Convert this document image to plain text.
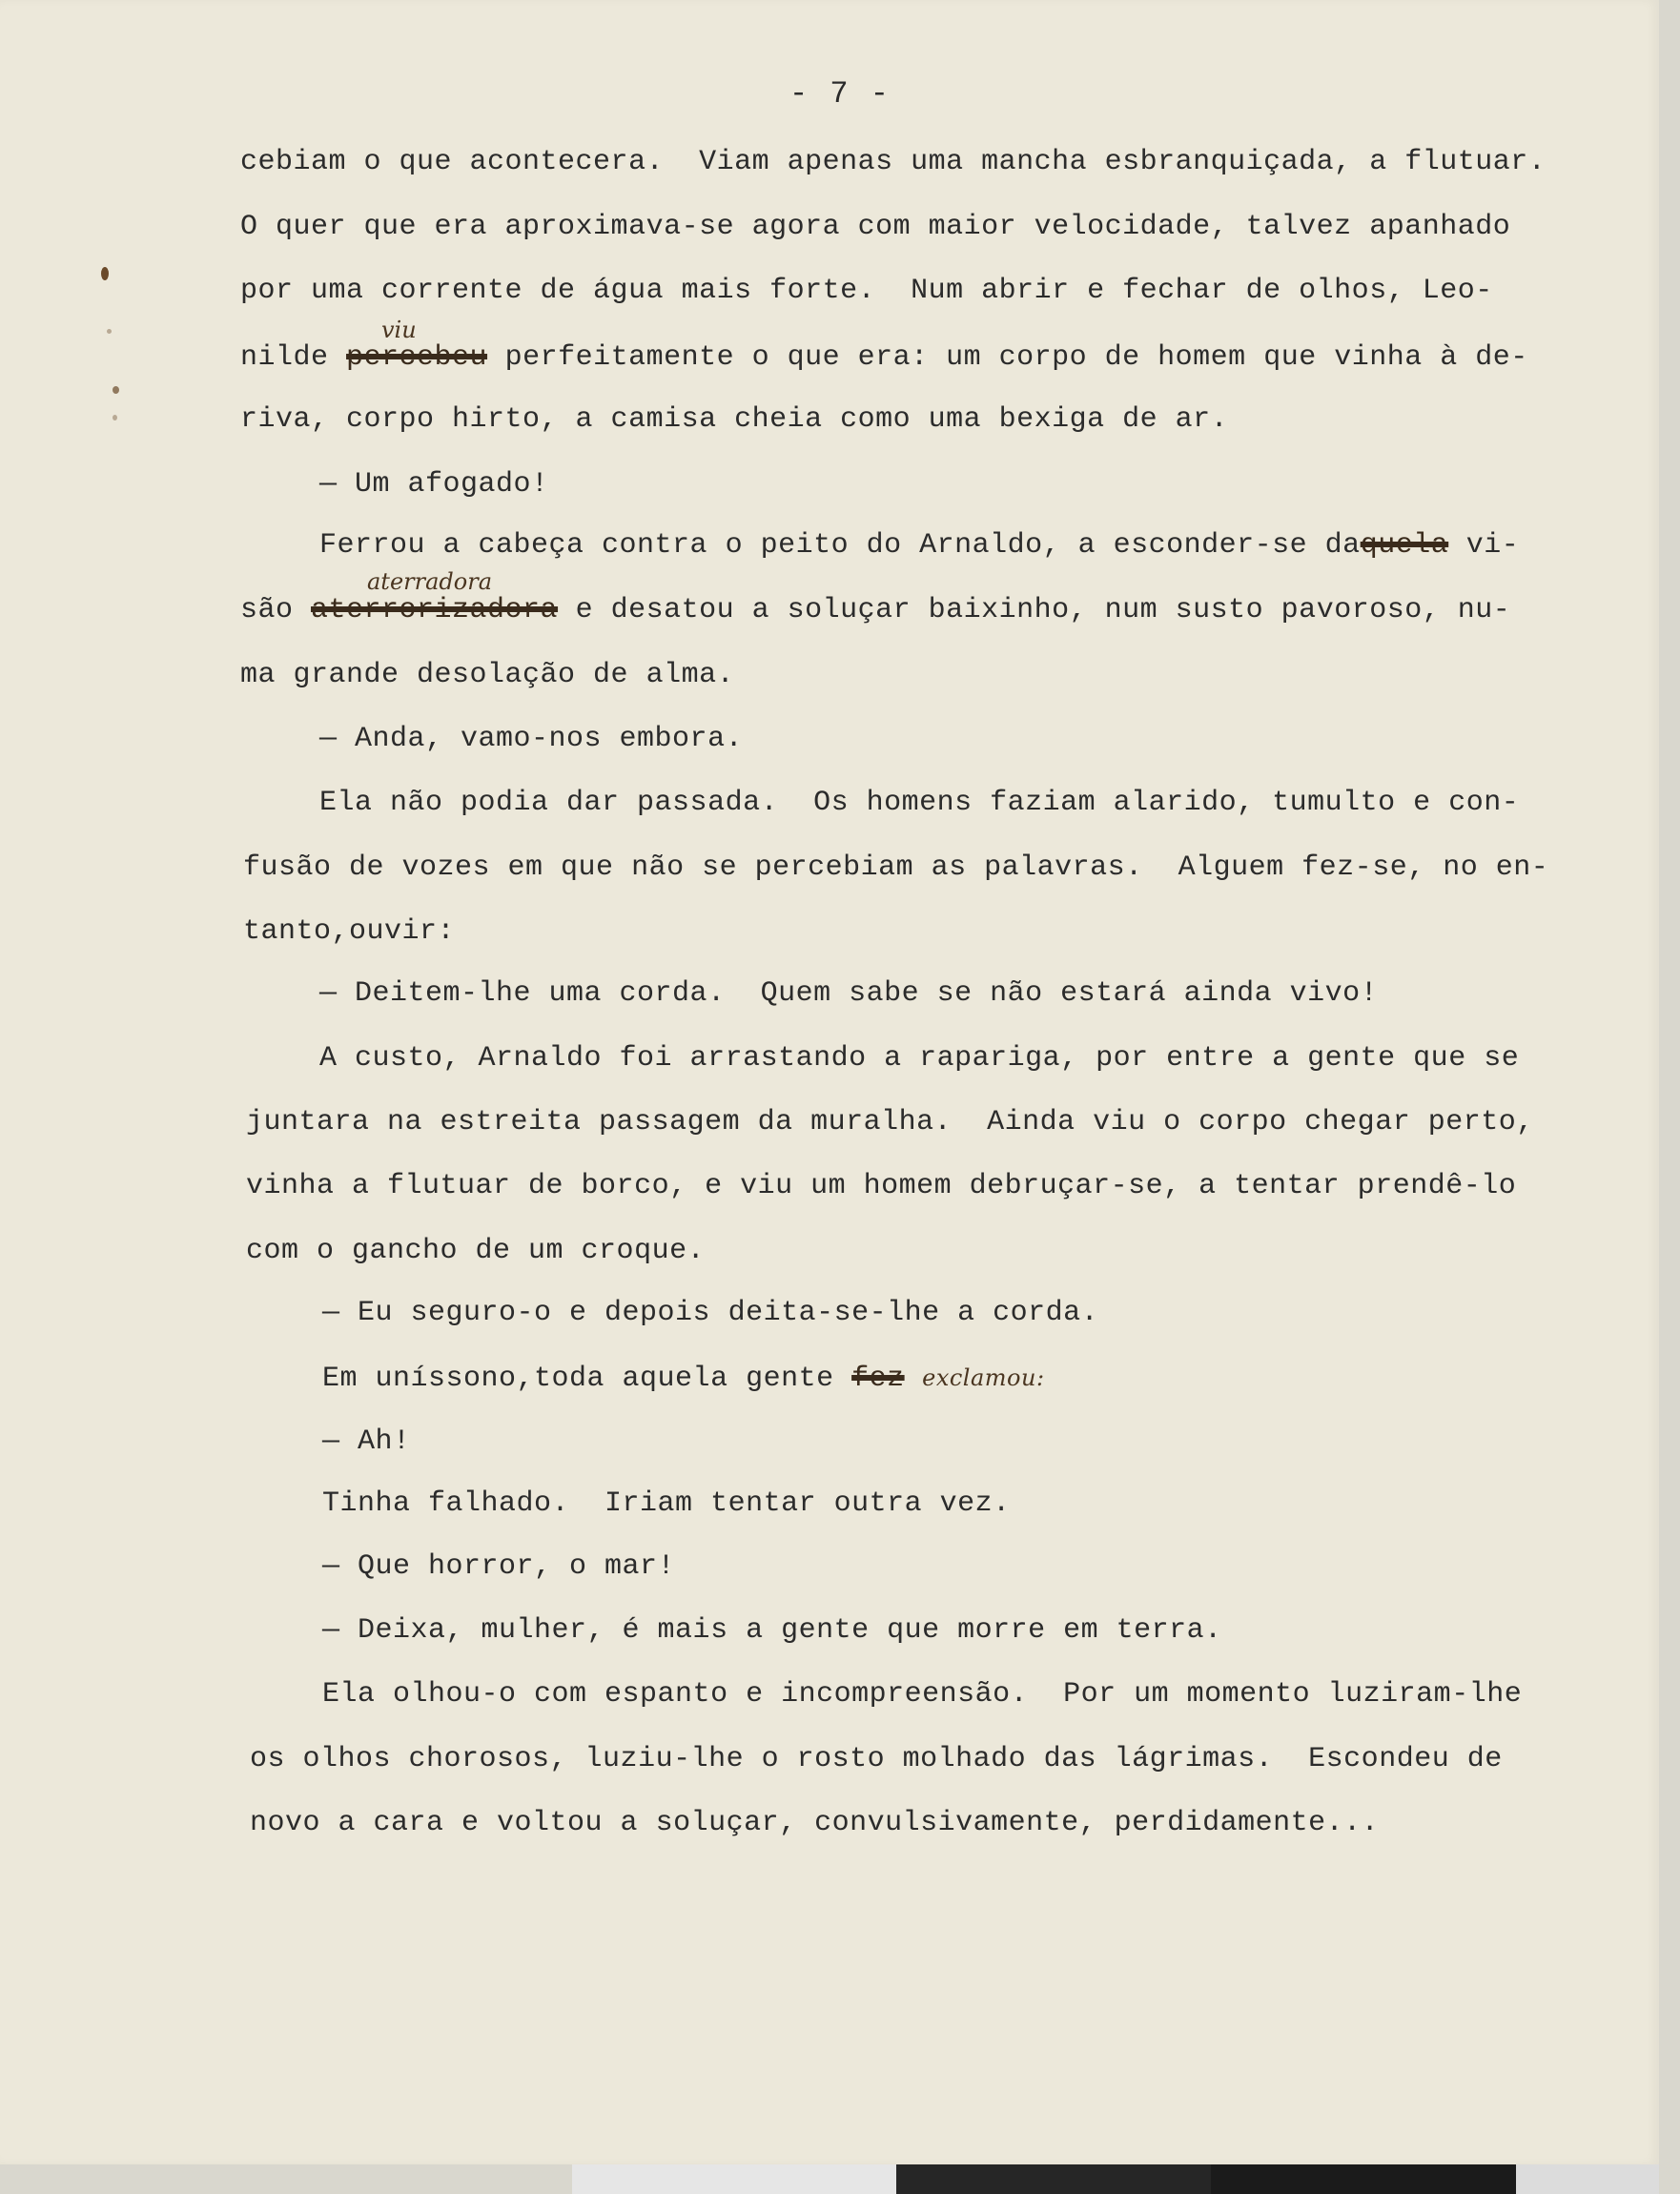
- 7 -
cebiam o que acontecera.  Viam apenas uma mancha esbranquiçada, a flutuar.
O quer que era aproximava-se agora com maior velocidade, talvez apanhado
por uma corrente de água mais forte.  Num abrir e fechar de olhos, Leo-
viu
nilde percebeu perfeitamente o que era: um corpo de homem que vinha à de-
riva, corpo hirto, a camisa cheia como uma bexiga de ar.
— Um afogado!
Ferrou a cabeça contra o peito do Arnaldo, a esconder-se daquela vi-
aterradora
são aterrorizadora e desatou a soluçar baixinho, num susto pavoroso, nu-
ma grande desolação de alma.
— Anda, vamo-nos embora.
Ela não podia dar passada.  Os homens faziam alarido, tumulto e con-
fusão de vozes em que não se percebiam as palavras.  Alguem fez-se, no en-
tanto,ouvir:
— Deitem-lhe uma corda.  Quem sabe se não estará ainda vivo!
A custo, Arnaldo foi arrastando a rapariga, por entre a gente que se
juntara na estreita passagem da muralha.  Ainda viu o corpo chegar perto,
vinha a flutuar de borco, e viu um homem debruçar-se, a tentar prendê-lo
com o gancho de um croque.
— Eu seguro-o e depois deita-se-lhe a corda.
Em uníssono,toda aquela gente fez exclamou:
— Ah!
Tinha falhado.  Iriam tentar outra vez.
— Que horror, o mar!
— Deixa, mulher, é mais a gente que morre em terra.
Ela olhou-o com espanto e incompreensão.  Por um momento luziram-lhe
os olhos chorosos, luziu-lhe o rosto molhado das lágrimas.  Escondeu de
novo a cara e voltou a soluçar, convulsivamente, perdidamente...
